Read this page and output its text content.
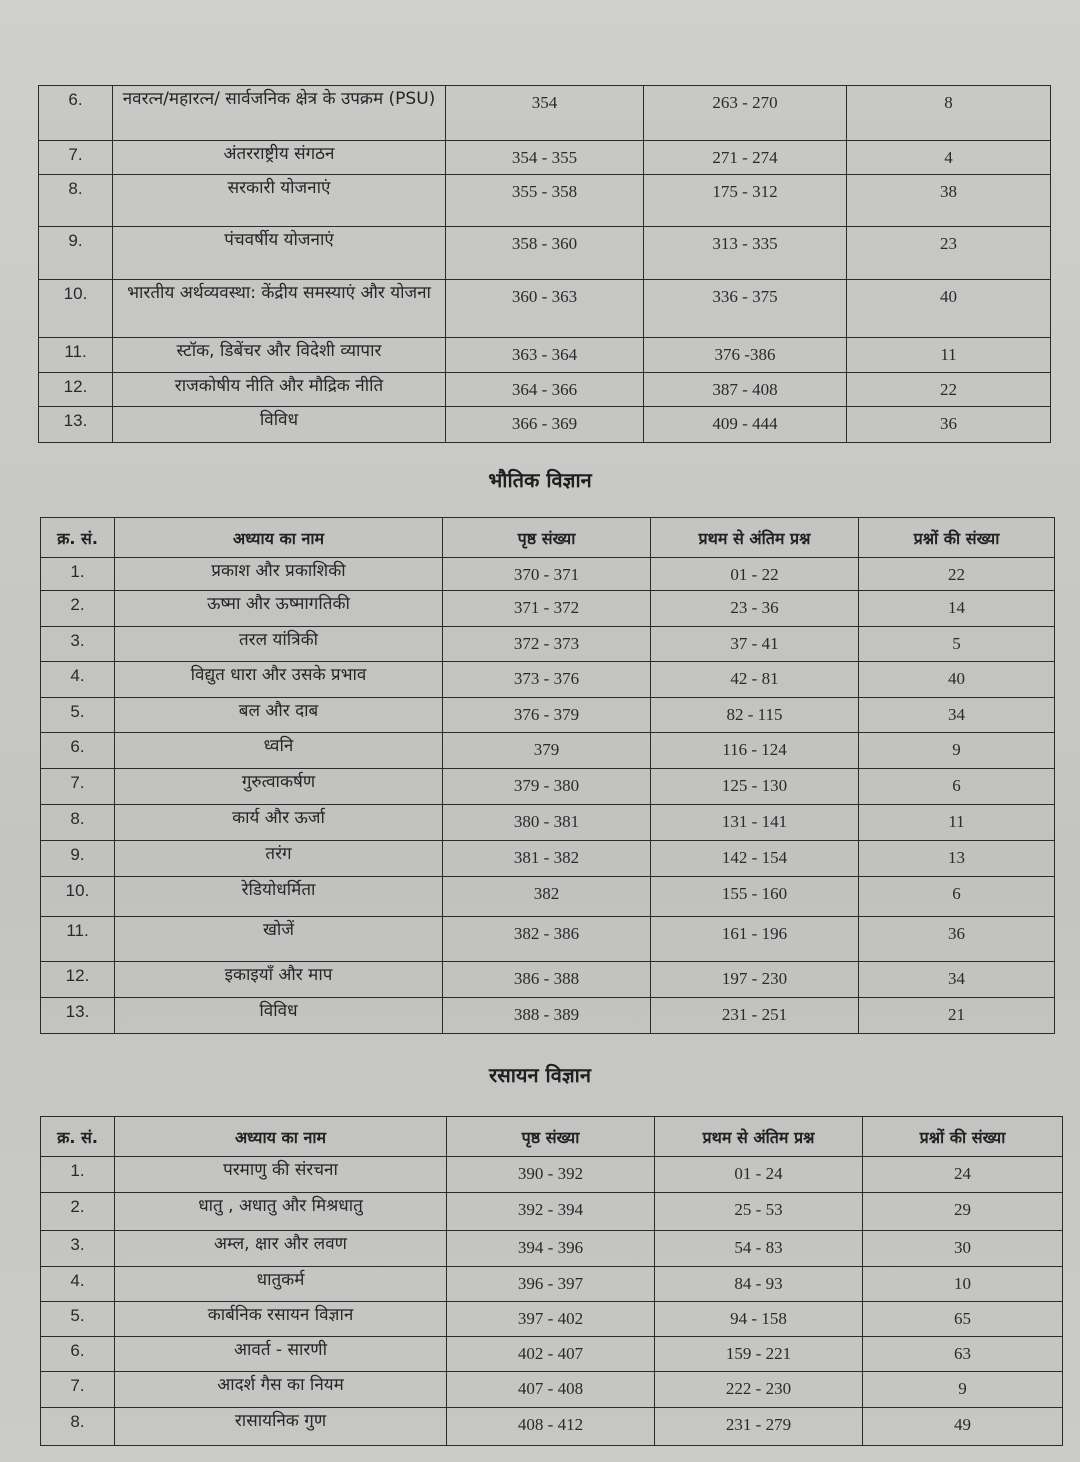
6.	नवरत्न/महारत्न/ सार्वजनिक क्षेत्र के उपक्रम (PSU)	354	263 - 270	8
7.	अंतरराष्ट्रीय संगठन	354 - 355	271 - 274	4
8.	सरकारी योजनाएं	355 - 358	175 - 312	38
9.	पंचवर्षीय योजनाएं	358 - 360	313 - 335	23
10.	भारतीय अर्थव्यवस्था: केंद्रीय समस्याएं और योजना	360 - 363	336 - 375	40
11.	स्टॉक, डिबेंचर और विदेशी व्यापार	363 - 364	376 -386	11
12.	राजकोषीय नीति और मौद्रिक नीति	364 - 366	387 - 408	22
13.	विविध	366 - 369	409 - 444	36
भौतिक विज्ञान
क्र. सं.	अध्याय का नाम	पृष्ठ संख्या	प्रथम से अंतिम प्रश्न	प्रश्नों की संख्या
1.	प्रकाश और प्रकाशिकी	370 - 371	01 - 22	22
2.	ऊष्मा और ऊष्मागतिकी	371 - 372	23 - 36	14
3.	तरल यांत्रिकी	372 - 373	37 - 41	5
4.	विद्युत धारा और उसके प्रभाव	373 - 376	42 - 81	40
5.	बल और दाब	376 - 379	82 - 115	34
6.	ध्वनि	379	116 - 124	9
7.	गुरुत्वाकर्षण	379 - 380	125 - 130	6
8.	कार्य और ऊर्जा	380 - 381	131 - 141	11
9.	तरंग	381 - 382	142 - 154	13
10.	रेडियोधर्मिता	382	155 - 160	6
11.	खोजें	382 - 386	161 - 196	36
12.	इकाइयाँ और माप	386 - 388	197 - 230	34
13.	विविध	388 - 389	231 - 251	21
रसायन विज्ञान
क्र. सं.	अध्याय का नाम	पृष्ठ संख्या	प्रथम से अंतिम प्रश्न	प्रश्नों की संख्या
1.	परमाणु की संरचना	390 - 392	01 - 24	24
2.	धातु , अधातु और मिश्रधातु	392 - 394	25 - 53	29
3.	अम्ल, क्षार और लवण	394 - 396	54 - 83	30
4.	धातुकर्म	396 - 397	84 - 93	10
5.	कार्बनिक रसायन विज्ञान	397 - 402	94 - 158	65
6.	आवर्त - सारणी	402 - 407	159 - 221	63
7.	आदर्श गैस का नियम	407 - 408	222 - 230	9
8.	रासायनिक गुण	408 - 412	231 - 279	49
